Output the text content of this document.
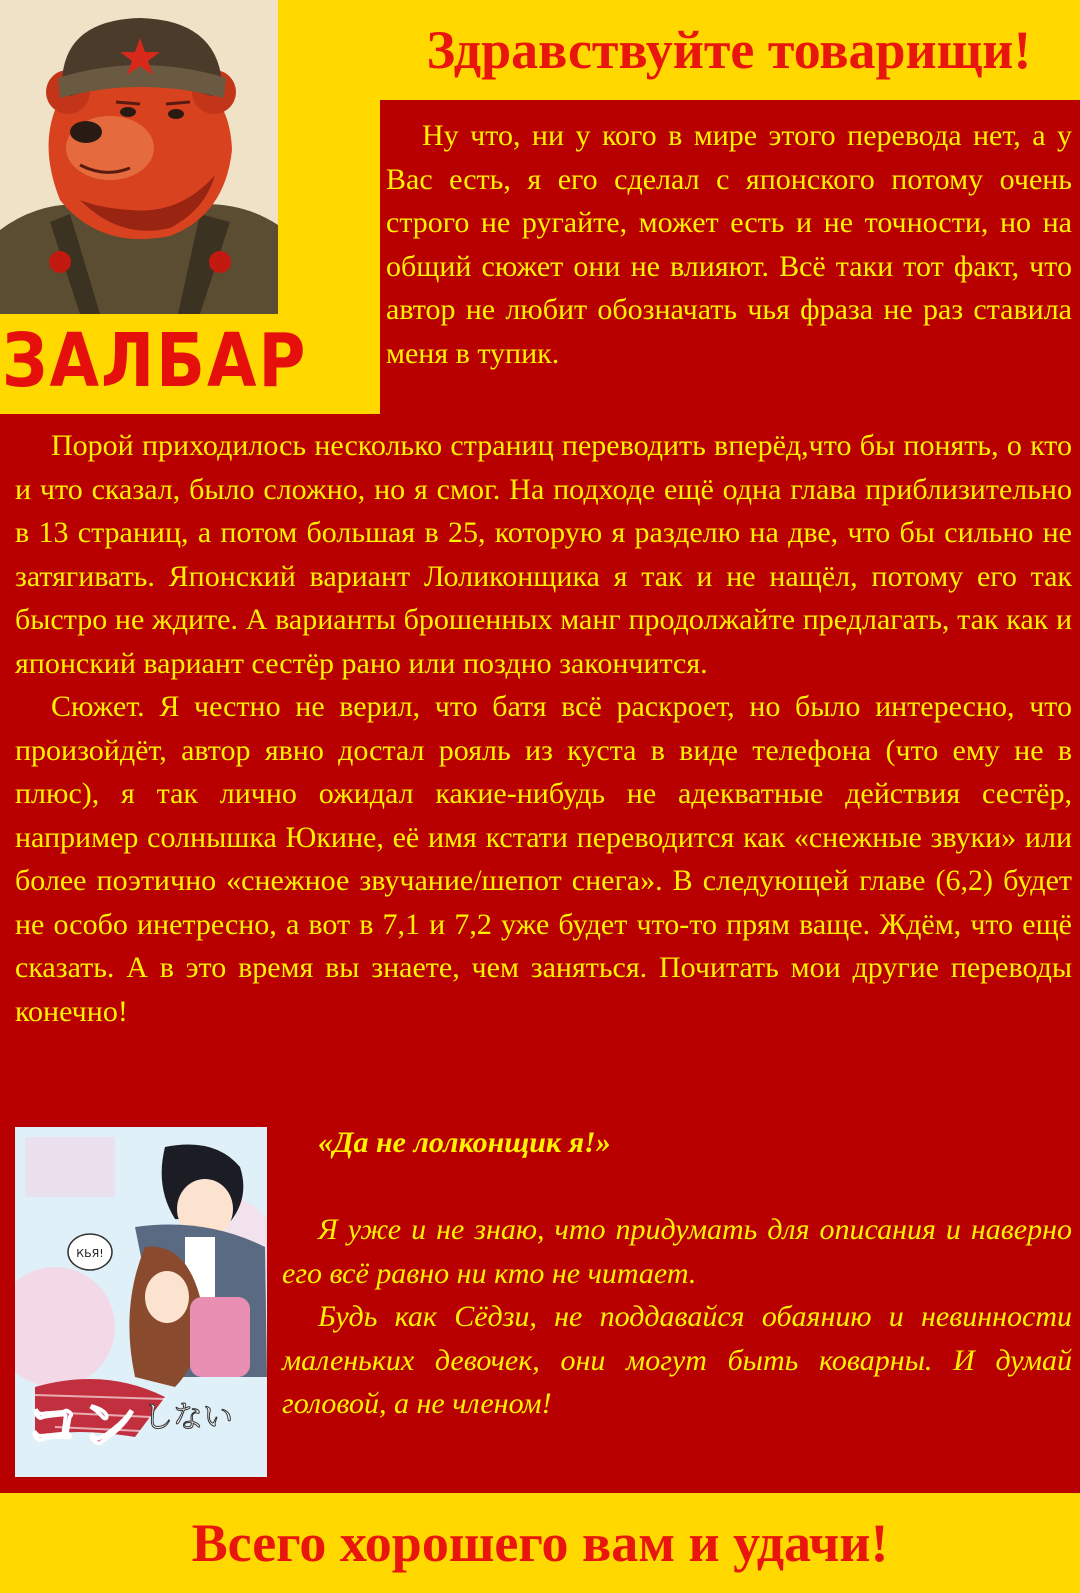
ЗАЛБАР
Здравствуйте товарищи!

Ну что, ни у кого в мире этого перевода нет, а у Вас есть, я его сделал с японского потому очень строго не ругайте, может есть и не точности, но на общий сюжет они не влияют. Всё таки тот факт, что автор не любит обозначать чья фраза не раз ставила меня в тупик.

Порой приходилось несколько страниц переводить вперёд,что бы понять, о кто и что сказал, было сложно, но я смог. На подходе ещё одна глава приблизительно в 13 страниц, а потом большая в 25, которую я разделю на две, что бы сильно не затягивать. Японский вариант Лоликонщика я так и не нащёл, потому его так быстро не ждите. А варианты брошенных манг продолжайте предлагать, так как и японский вариант сестёр рано или поздно закончится.

Сюжет. Я честно не верил, что батя всё раскроет, но было интересно, что произойдёт, автор явно достал рояль из куста в виде телефона (что ему не в плюс), я так лично ожидал какие-нибудь не адекватные действия сестёр, например солнышка Юкине, её имя кстати переводится как «снежные звуки» или более поэтично «снежное звучание/шепот снега». В следующей главе (6,2) будет не особо инетресно, а вот в 7,1 и 7,2 уже будет что-то прям ваще. Ждём, что ещё сказать. А в это время вы знаете, чем заняться. Почитать мои другие переводы конечно!

КЬЯ!
コン しない

«Да не лолконщик я!»

Я уже и не знаю, что придумать для описания и наверно его всё равно ни кто не читает.

Будь как Сёдзи, не поддавайся обаянию и невинности маленьких девочек, они могут быть коварны. И думай головой, а не членом!

Всего хорошего вам и удачи!
